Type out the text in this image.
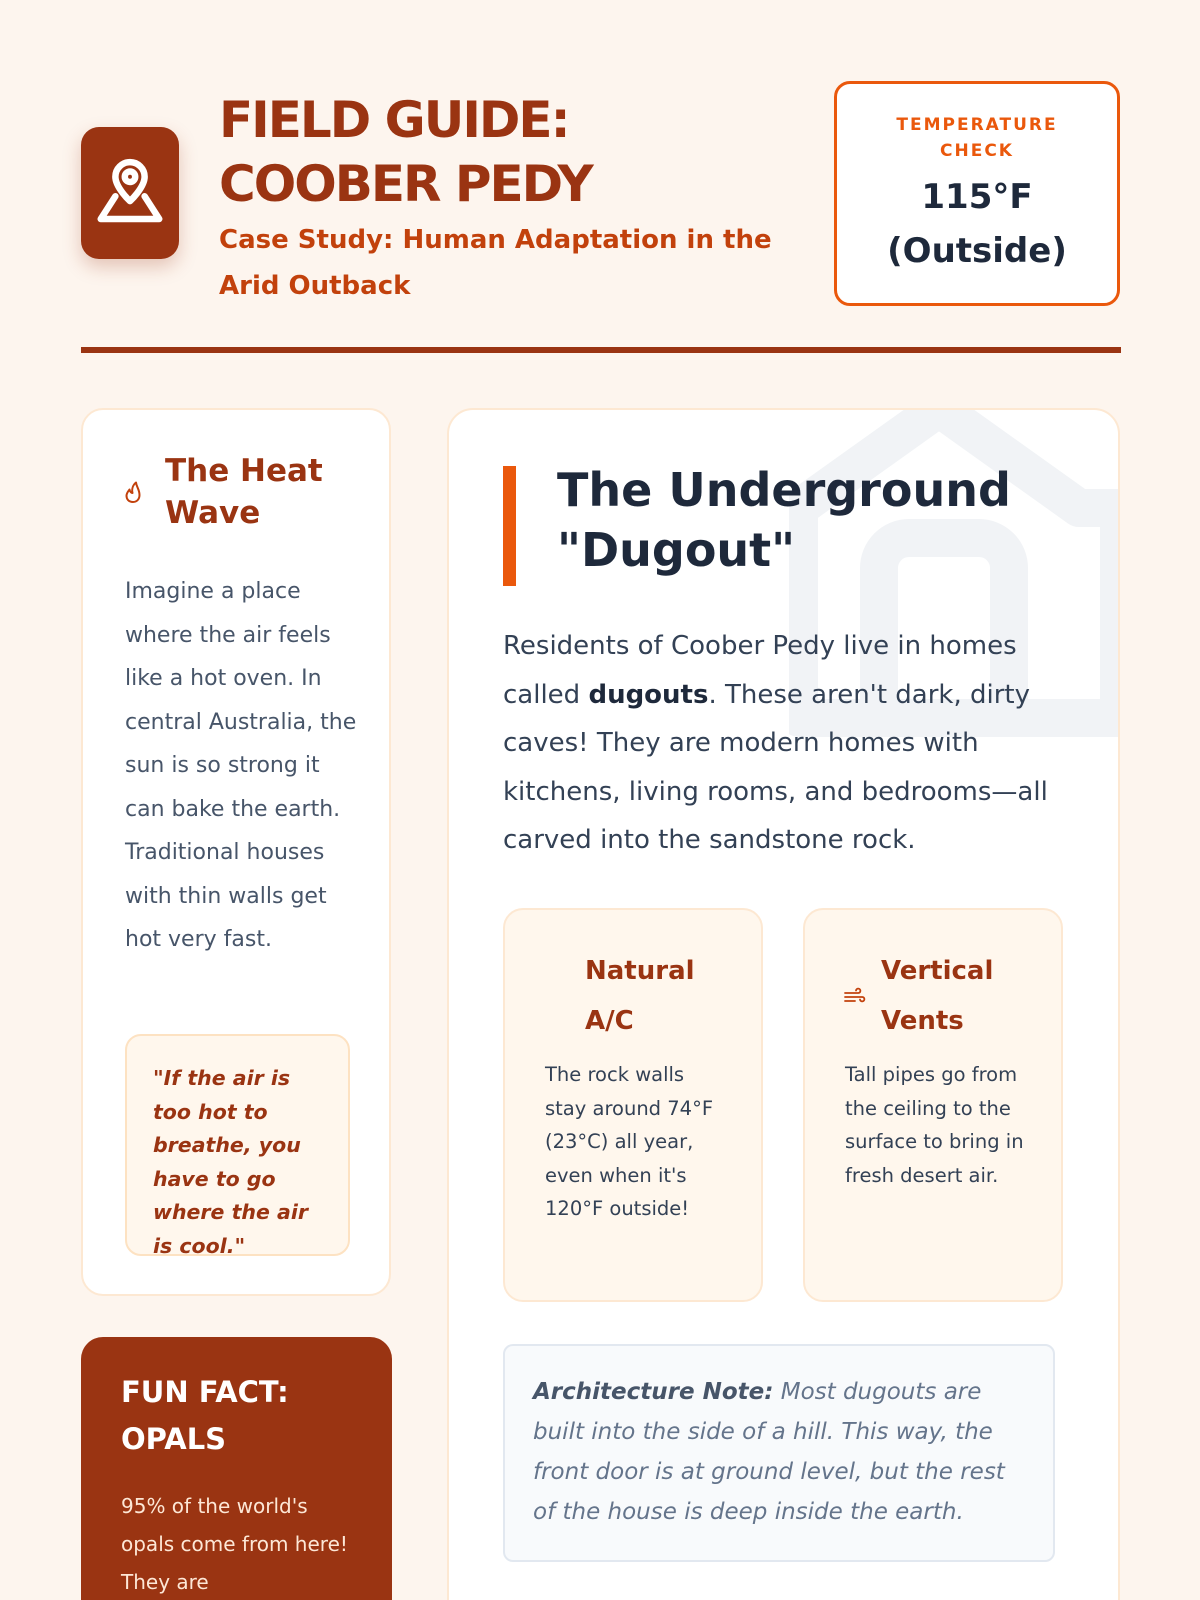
FIELD GUIDE:
COOBER PEDY
Case Study: Human Adaptation in the Arid Outback
TEMPERATURE
CHECK
115°F
(Outside)
The Heat
Wave
Imagine a place where the air feels like a hot oven. In central Australia, the sun is so strong it can bake the earth. Traditional houses with thin walls get hot very fast.
"If the air is too hot to breathe, you have to go where the air is cool."
FUN FACT:
OPALS
95% of the world's opals come from here! They are
The Underground
"Dugout"
Residents of Coober Pedy live in homes called dugouts. These aren't dark, dirty caves! They are modern homes with kitchens, living rooms, and bedrooms—all carved into the sandstone rock.
Natural
A/C
The rock walls stay around 74°F (23°C) all year, even when it's 120°F outside!
Vertical
Vents
Tall pipes go from the ceiling to the surface to bring in fresh desert air.
Architecture Note: Most dugouts are built into the side of a hill. This way, the front door is at ground level, but the rest of the house is deep inside the earth.
